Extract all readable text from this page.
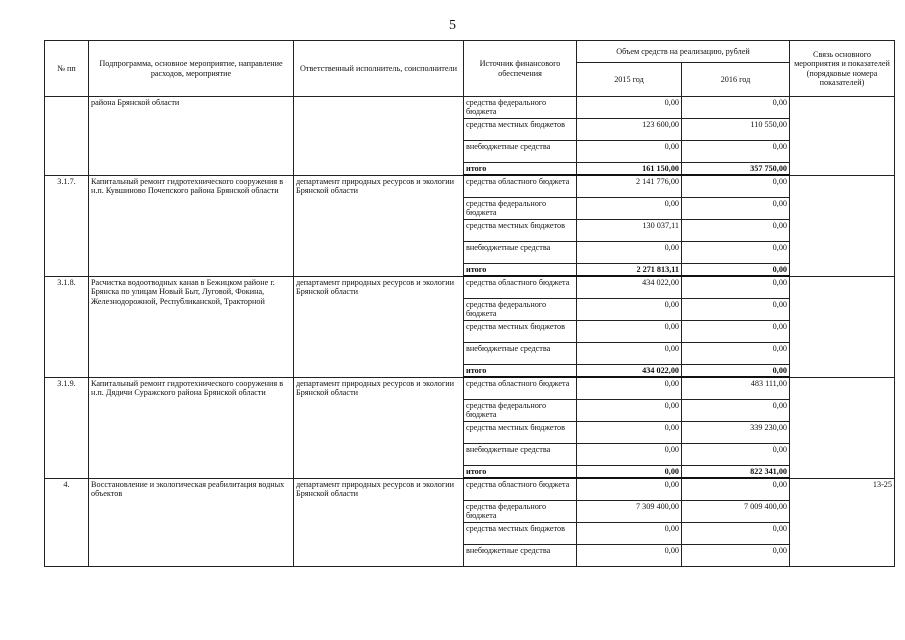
5
№ пп	Подпрограмма, основное мероприятие, направление расходов, мероприятие	Ответственный исполнитель, соисполнители	Источник финансового обеспечения	Объем средств на реализацию, рублей		Связь основного мероприятия и показателей (порядковые номера показателей)
				2015 год	2016 год	
	района Брянской области		средства федерального бюджета	0,00	0,00	
			средства местных бюджетов	123 600,00	110 550,00	
			внебюджетные средства	0,00	0,00	
			итого	161 150,00	357 750,00	
3.1.7.	Капитальный ремонт гидротехнического сооружения в н.п. Кувшиново Почепского района Брянской области	департамент природных ресурсов и экологии Брянской области	средства областного бюджета	2 141 776,00	0,00	
			средства федерального бюджета	0,00	0,00	
			средства местных бюджетов	130 037,11	0,00	
			внебюджетные средства	0,00	0,00	
			итого	2 271 813,11	0,00	
3.1.8.	Расчистка водоотводных канав в Бежицком районе г. Брянска по улицам Новый Быт, Луговой, Фокина, Железнодорожной, Республиканской, Тракторной	департамент природных ресурсов и экологии Брянской области	средства областного бюджета	434 022,00	0,00	
			средства федерального бюджета	0,00	0,00	
			средства местных бюджетов	0,00	0,00	
			внебюджетные средства	0,00	0,00	
			итого	434 022,00	0,00	
3.1.9.	Капитальный ремонт гидротехнического сооружения в н.п. Дядичи Суражского района Брянской области	департамент природных ресурсов и экологии Брянской области	средства областного бюджета	0,00	483 111,00	
			средства федерального бюджета	0,00	0,00	
			средства местных бюджетов	0,00	339 230,00	
			внебюджетные средства	0,00	0,00	
			итого	0,00	822 341,00	
4.	Восстановление и экологическая реабилитация водных объектов	департамент природных ресурсов и экологии Брянской области	средства областного бюджета	0,00	0,00	13-25
			средства федерального бюджета	7 309 400,00	7 009 400,00	
			средства местных бюджетов	0,00	0,00	
			внебюджетные средства	0,00	0,00	
